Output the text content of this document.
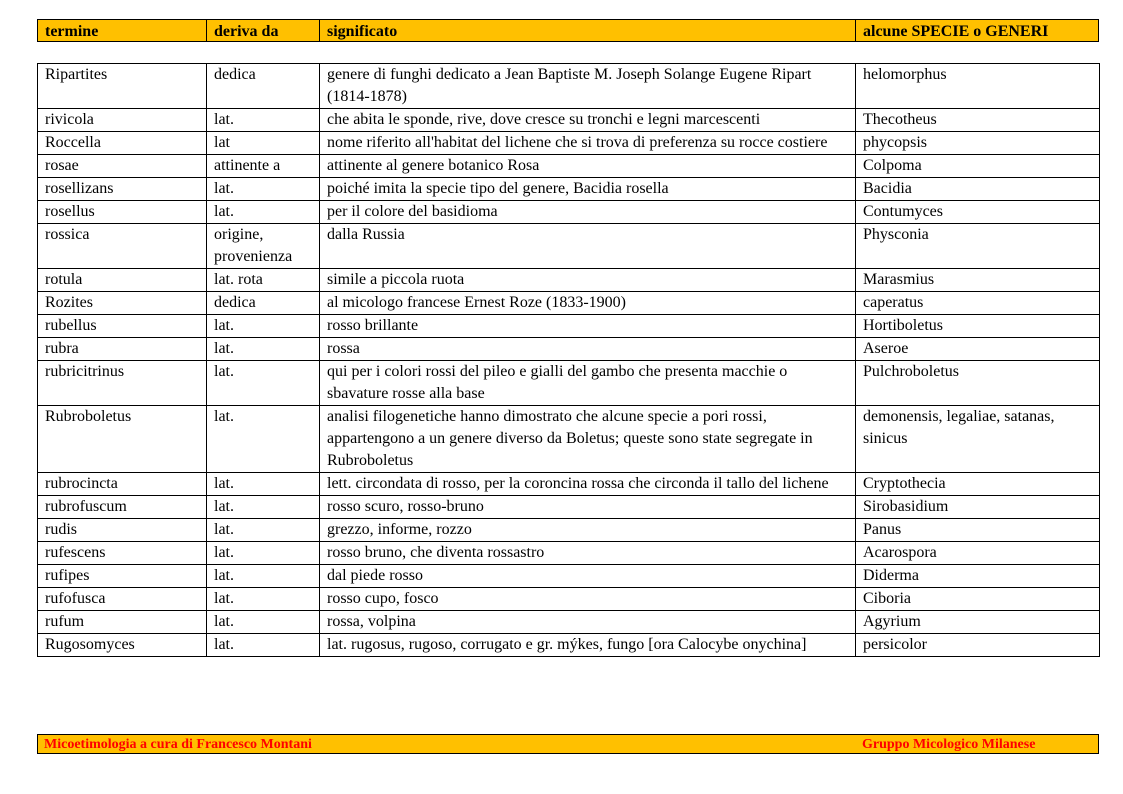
termine	deriva da	significato	alcune SPECIE o GENERI
Ripartites	dedica	genere di funghi dedicato a Jean Baptiste M. Joseph Solange Eugene Ripart (1814-1878)	helomorphus
rivicola	lat.	che abita le sponde, rive, dove cresce su tronchi e legni marcescenti	Thecotheus
Roccella	lat	nome riferito all'habitat del lichene che si trova di preferenza su rocce costiere	phycopsis
rosae	attinente a	attinente al genere botanico Rosa	Colpoma
rosellizans	lat.	poiché imita la specie tipo del genere, Bacidia rosella	Bacidia
rosellus	lat.	per il colore del basidioma	Contumyces
rossica	origine, provenienza	dalla Russia	Physconia
rotula	lat. rota	simile a piccola ruota	Marasmius
Rozites	dedica	al micologo francese Ernest Roze (1833-1900)	caperatus
rubellus	lat.	rosso brillante	Hortiboletus
rubra	lat.	rossa	Aseroe
rubricitrinus	lat.	qui per i colori rossi del pileo e gialli del gambo che presenta macchie o sbavature rosse alla base	Pulchroboletus
Rubroboletus	lat.	analisi filogenetiche hanno dimostrato che alcune specie a pori rossi, appartengono a un genere diverso da Boletus; queste sono state segregate in Rubroboletus	demonensis, legaliae, satanas, sinicus
rubrocincta	lat.	lett. circondata di rosso, per la coroncina rossa che circonda il tallo del lichene	Cryptothecia
rubrofuscum	lat.	rosso scuro, rosso-bruno	Sirobasidium
rudis	lat.	grezzo, informe, rozzo	Panus
rufescens	lat.	rosso bruno, che diventa rossastro	Acarospora
rufipes	lat.	dal piede rosso	Diderma
rufofusca	lat.	rosso cupo, fosco	Ciboria
rufum	lat.	rossa, volpina	Agyrium
Rugosomyces	lat.	lat. rugosus, rugoso, corrugato e gr. mýkes, fungo [ora Calocybe onychina]	persicolor
Micoetimologia a cura di Francesco Montani	Gruppo Micologico Milanese
